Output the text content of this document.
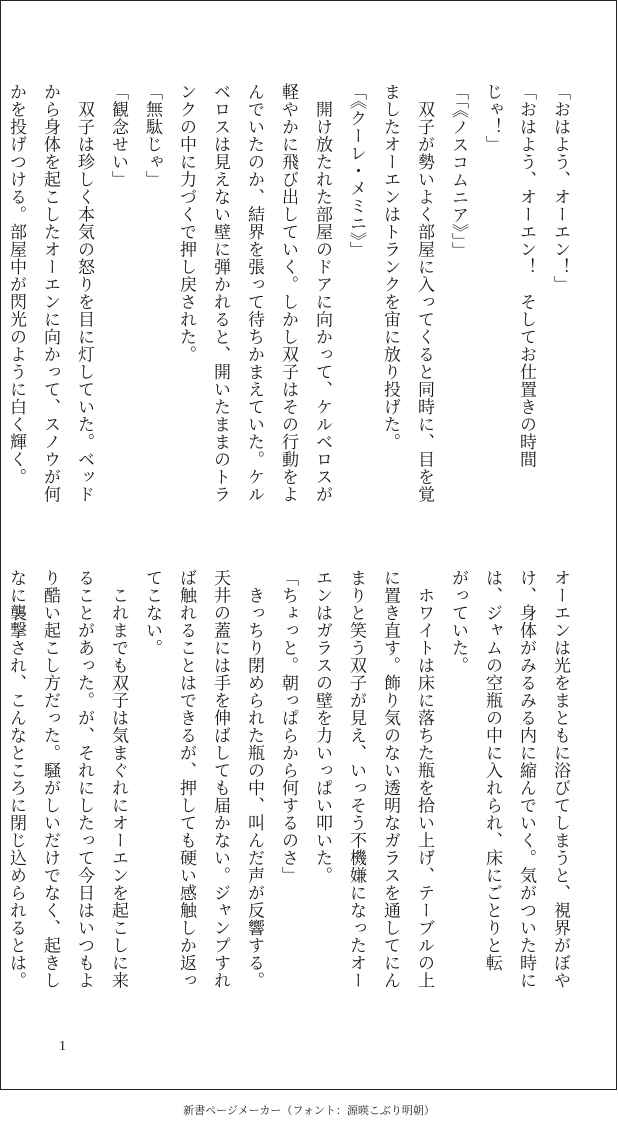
「おはよう、オーエン！」
「おはよう、オーエン！　そしてお仕置きの時間
じゃ！」
「「《ノスコムニア》」」
　双子が勢いよく部屋に入ってくると同時に、目を覚
ましたオーエンはトランクを宙に放り投げた。
「《クーレ・メミニ》」
　開け放たれた部屋のドアに向かって、ケルベロスが
軽やかに飛び出していく。しかし双子はその行動をよ
んでいたのか、結界を張って待ちかまえていた。ケル
ベロスは見えない壁に弾かれると、開いたままのトラ
ンクの中に力づくで押し戻された。
「無駄じゃ」
「観念せい」
　双子は珍しく本気の怒りを目に灯していた。ベッド
から身体を起こしたオーエンに向かって、スノウが何
かを投げつける。部屋中が閃光のように白く輝く。
オーエンは光をまともに浴びてしまうと、視界がぼや
け、身体がみるみる内に縮んでいく。気がついた時に
は、ジャムの空瓶の中に入れられ、床にごとりと転
がっていた。
　ホワイトは床に落ちた瓶を拾い上げ、テーブルの上
に置き直す。飾り気のない透明なガラスを通してにん
まりと笑う双子が見え、いっそう不機嫌になったオー
エンはガラスの壁を力いっぱい叩いた。
「ちょっと。朝っぱらから何するのさ」
　きっちり閉められた瓶の中、叫んだ声が反響する。
天井の蓋には手を伸ばしても届かない。ジャンプすれ
ば触れることはできるが、押しても硬い感触しか返っ
てこない。
　これまでも双子は気まぐれにオーエンを起こしに来
ることがあった。が、それにしたって今日はいつもよ
り酷い起こし方だった。騒がしいだけでなく、起きし
なに襲撃され、こんなところに閉じ込められるとは。
1
新書ページメーカー（フォント：源暎こぶり明朝）
